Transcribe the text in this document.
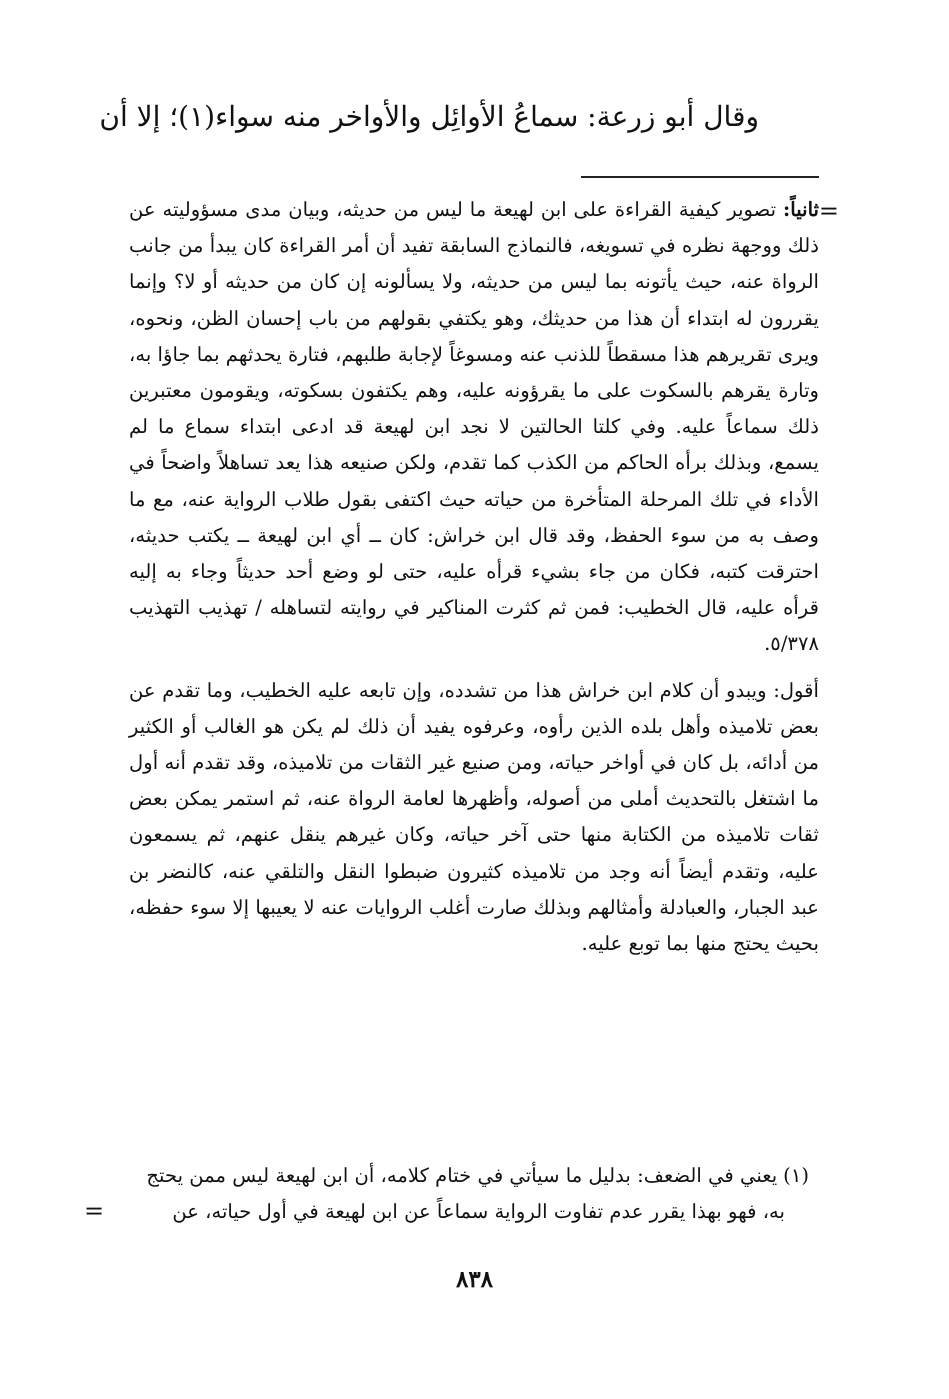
وقال أبو زرعة: سماعُ الأوائِل والأواخر منه سواء(١)؛ إلا أن
=

ثانياً: تصوير كيفية القراءة على ابن لهيعة ما ليس من حديثه، وبيان مدى مسؤوليته عن ذلك ووجهة نظره في تسويغه، فالنماذج السابقة تفيد أن أمر القراءة كان يبدأ من جانب الرواة عنه، حيث يأتونه بما ليس من حديثه، ولا يسألونه إن كان من حديثه أو لا؟ وإنما يقررون له ابتداء أن هذا من حديثك، وهو يكتفي بقولهم من باب إحسان الظن، ونحوه، ويرى تقريرهم هذا مسقطاً للذنب عنه ومسوغاً لإجابة طلبهم، فتارة يحدثهم بما جاؤا به، وتارة يقرهم بالسكوت على ما يقرؤونه عليه، وهم يكتفون بسكوته، ويقومون معتبرين ذلك سماعاً عليه. وفي كلتا الحالتين لا نجد ابن لهيعة قد ادعى ابتداء سماع ما لم يسمع، وبذلك برأه الحاكم من الكذب كما تقدم، ولكن صنيعه هذا يعد تساهلاً واضحاً في الأداء في تلك المرحلة المتأخرة من حياته حيث اكتفى بقول طلاب الرواية عنه، مع ما وصف به من سوء الحفظ، وقد قال ابن خراش: كان ــ أي ابن لهيعة ــ يكتب حديثه، احترقت كتبه، فكان من جاء بشيء قرأه عليه، حتى لو وضع أحد حديثاً وجاء به إليه قرأه عليه، قال الخطيب: فمن ثم كثرت المناكير في روايته لتساهله / تهذيب التهذيب ٥/٣٧٨.

أقول: ويبدو أن كلام ابن خراش هذا من تشدده، وإن تابعه عليه الخطيب، وما تقدم عن بعض تلاميذه وأهل بلده الذين رأوه، وعرفوه يفيد أن ذلك لم يكن هو الغالب أو الكثير من أدائه، بل كان في أواخر حياته، ومن صنيع غير الثقات من تلاميذه، وقد تقدم أنه أول ما اشتغل بالتحديث أملى من أصوله، وأظهرها لعامة الرواة عنه، ثم استمر يمكن بعض ثقات تلاميذه من الكتابة منها حتى آخر حياته، وكان غيرهم ينقل عنهم، ثم يسمعون عليه، وتقدم أيضاً أنه وجد من تلاميذه كثيرون ضبطوا النقل والتلقي عنه، كالنضر بن عبد الجبار، والعبادلة وأمثالهم وبذلك صارت أغلب الروايات عنه لا يعيبها إلا سوء حفظه، بحيث يحتج منها بما توبع عليه.

(١)يعني في الضعف: بدليل ما سيأتي في ختام كلامه، أن ابن لهيعة ليس ممن يحتج

به، فهو بهذا يقرر عدم تفاوت الرواية سماعاً عن ابن لهيعة في أول حياته، عن

=
٨٣٨
